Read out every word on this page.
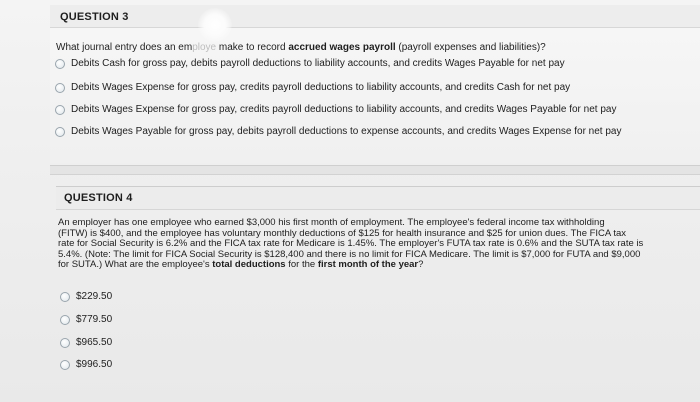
QUESTION 3
What journal entry does an employe make to record accrued wages payroll (payroll expenses and liabilities)?
Debits Cash for gross pay, debits payroll deductions to liability accounts, and credits Wages Payable for net pay
Debits Wages Expense for gross pay, credits payroll deductions to liability accounts, and credits Cash for net pay
Debits Wages Expense for gross pay, credits payroll deductions to liability accounts, and credits Wages Payable for net pay
Debits Wages Payable for gross pay, debits payroll deductions to expense accounts, and credits Wages Expense for net pay
QUESTION 4
An employer has one employee who earned $3,000 his first month of employment. The employee's federal income tax withholding
(FITW) is $400, and the employee has voluntary monthly deductions of $125 for health insurance and $25 for union dues. The FICA tax
rate for Social Security is 6.2% and the FICA tax rate for Medicare is 1.45%. The employer's FUTA tax rate is 0.6% and the SUTA tax rate is
5.4%. (Note: The limit for FICA Social Security is $128,400 and there is no limit for FICA Medicare. The limit is $7,000 for FUTA and $9,000
for SUTA.) What are the employee's total deductions for the first month of the year?
$229.50
$779.50
$965.50
$996.50
